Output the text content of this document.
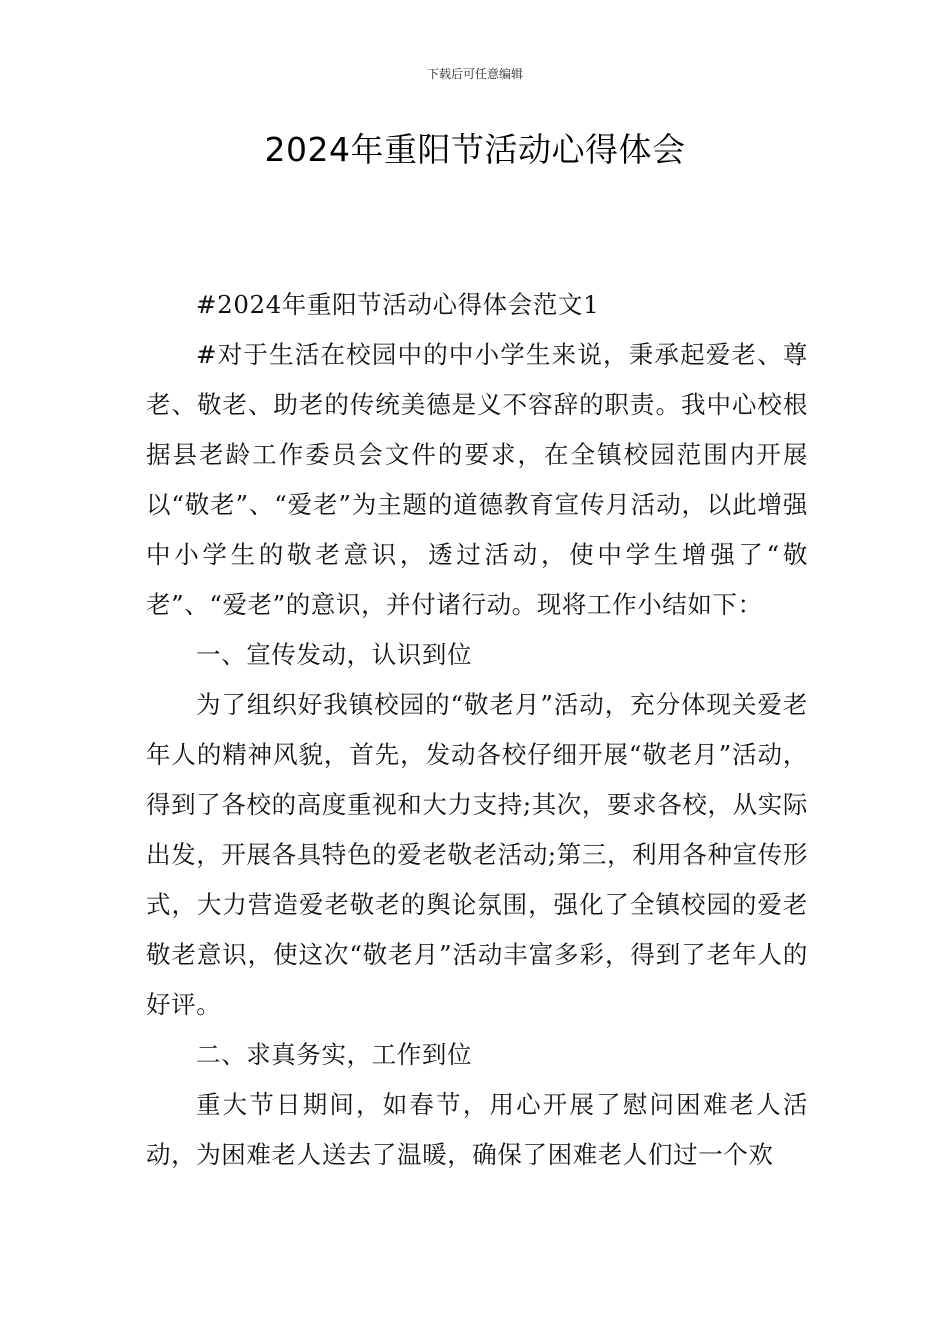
下载后可任意编辑
2024年重阳节活动心得体会

#2024年重阳节活动心得体会范文1

#对于生活在校园中的中小学生来说，秉承起爱老、尊老、敬老、助老的传统美德是义不容辞的职责。我中心校根据县老龄工作委员会文件的要求，在全镇校园范围内开展以“敬老”、“爱老”为主题的道德教育宣传月活动，以此增强中小学生的敬老意识，透过活动，使中学生增强了“敬老”、“爱老”的意识，并付诸行动。现将工作小结如下：

一、宣传发动，认识到位

为了组织好我镇校园的“敬老月”活动，充分体现关爱老年人的精神风貌，首先，发动各校仔细开展“敬老月”活动，得到了各校的高度重视和大力支持;其次，要求各校，从实际出发，开展各具特色的爱老敬老活动;第三，利用各种宣传形式，大力营造爱老敬老的舆论氛围，强化了全镇校园的爱老敬老意识，使这次“敬老月”活动丰富多彩，得到了老年人的好评。

二、求真务实，工作到位

重大节日期间，如春节，用心开展了慰问困难老人活动，为困难老人送去了温暖，确保了困难老人们过一个欢
